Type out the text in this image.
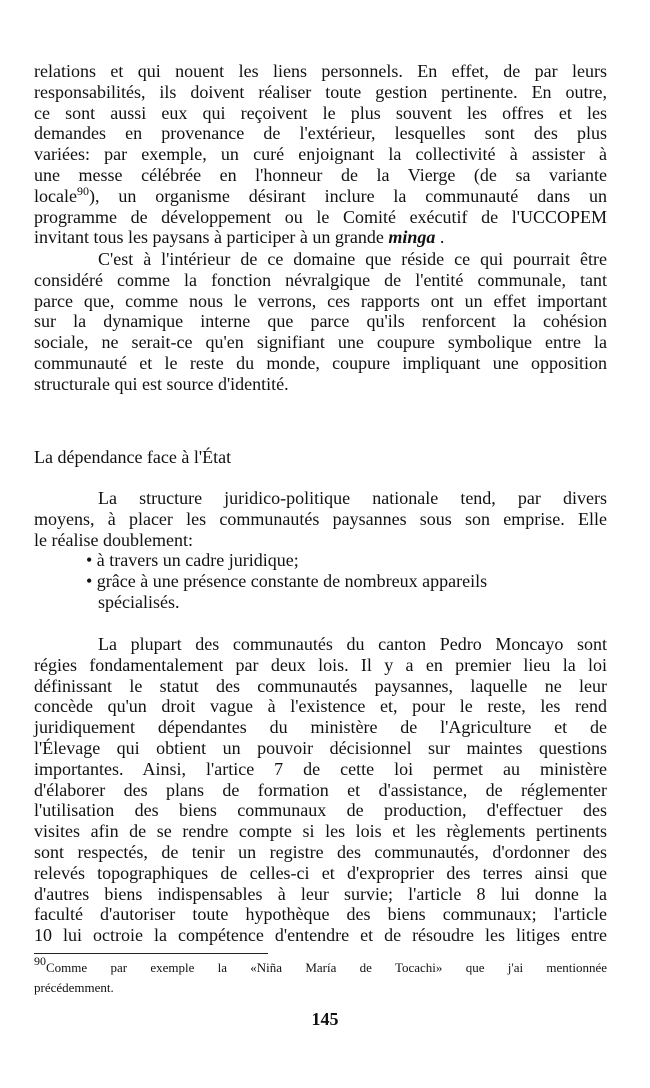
relations et qui nouent les liens personnels. En effet, de par leurs
responsabilités, ils doivent réaliser toute gestion pertinente. En outre,
ce sont aussi eux qui reçoivent le plus souvent les offres et les
demandes en provenance de l'extérieur, lesquelles sont des plus
variées: par exemple, un curé enjoignant la collectivité à assister à
une messe célébrée en l'honneur de la Vierge (de sa variante
locale$^{90}$), un organisme désirant inclure la communauté dans un
programme de développement ou le Comité exécutif de l'UCCOPEM
invitant tous les paysans à participer à un grande minga .
C'est à l'intérieur de ce domaine que réside ce qui pourrait être
considéré comme la fonction névralgique de l'entité communale, tant
parce que, comme nous le verrons, ces rapports ont un effet important
sur la dynamique interne que parce qu'ils renforcent la cohésion
sociale, ne serait-ce qu'en signifiant une coupure symbolique entre la
communauté et le reste du monde, coupure impliquant une opposition
structurale qui est source d'identité.
La dépendance face à l'État
La structure juridico-politique nationale tend, par divers
moyens, à placer les communautés paysannes sous son emprise. Elle
le réalise doublement:
• à travers un cadre juridique;
• grâce à une présence constante de nombreux appareils
spécialisés.
La plupart des communautés du canton Pedro Moncayo sont
régies fondamentalement par deux lois. Il y a en premier lieu la loi
définissant le statut des communautés paysannes, laquelle ne leur
concède qu'un droit vague à l'existence et, pour le reste, les rend
juridiquement dépendantes du ministère de l'Agriculture et de
l'Élevage qui obtient un pouvoir décisionnel sur maintes questions
importantes. Ainsi, l'artice 7 de cette loi permet au ministère
d'élaborer des plans de formation et d'assistance, de réglementer
l'utilisation des biens communaux de production, d'effectuer des
visites afin de se rendre compte si les lois et les règlements pertinents
sont respectés, de tenir un registre des communautés, d'ordonner des
relevés topographiques de celles-ci et d'exproprier des terres ainsi que
d'autres biens indispensables à leur survie; l'article 8 lui donne la
faculté d'autoriser toute hypothèque des biens communaux; l'article
10 lui octroie la compétence d'entendre et de résoudre les litiges entre
$^{90}$Comme par exemple la «Niña María de Tocachi» que j'ai mentionnée
précédemment.
145
